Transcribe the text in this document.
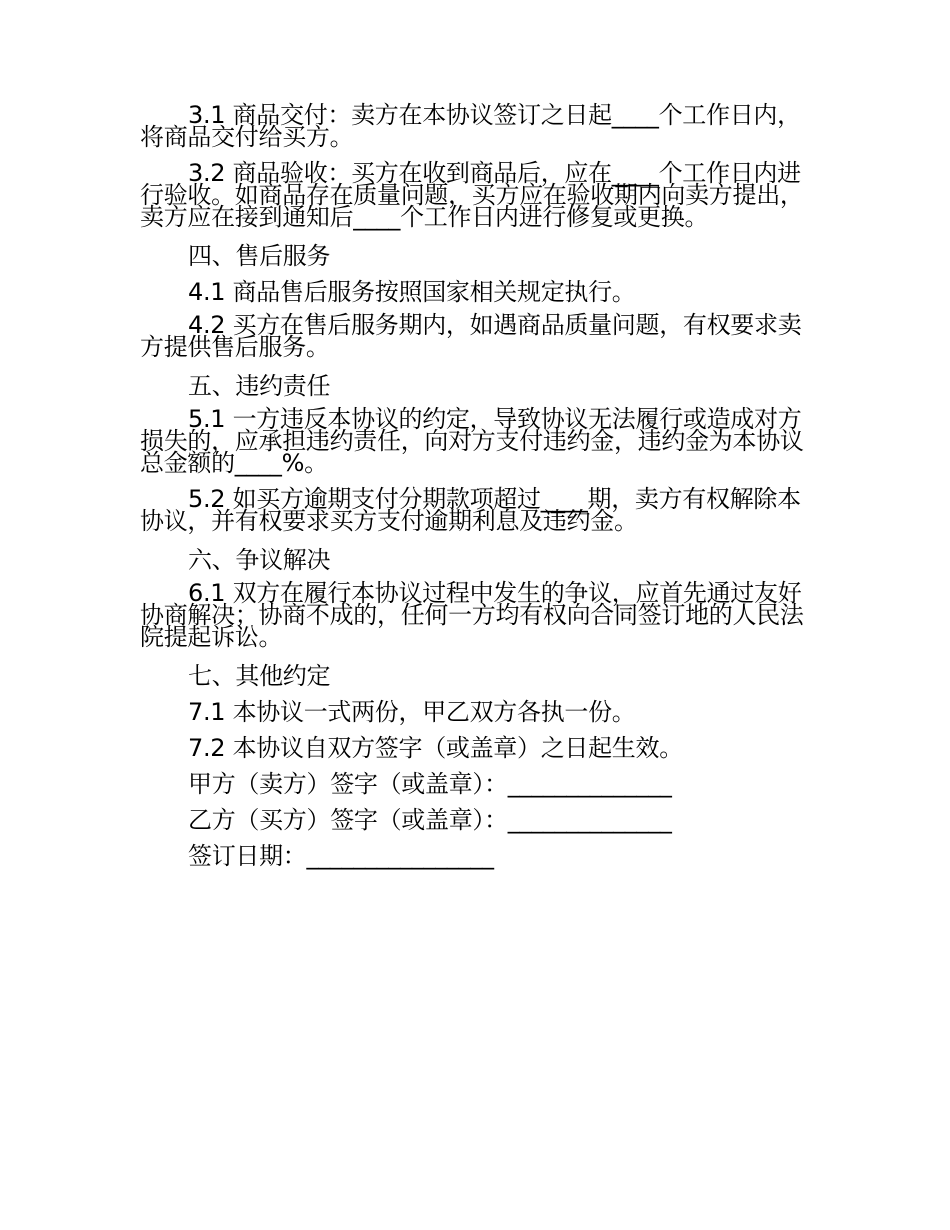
3.1 商品交付：卖方在本协议签订之日起____个工作日内，将商品交付给买方。

3.2 商品验收：买方在收到商品后，应在____个工作日内进行验收。如商品存在质量问题，买方应在验收期内向卖方提出，卖方应在接到通知后____个工作日内进行修复或更换。

四、售后服务

4.1 商品售后服务按照国家相关规定执行。

4.2 买方在售后服务期内，如遇商品质量问题，有权要求卖方提供售后服务。

五、违约责任

5.1 一方违反本协议的约定，导致协议无法履行或造成对方损失的，应承担违约责任，向对方支付违约金，违约金为本协议总金额的____%。

5.2 如买方逾期支付分期款项超过____期，卖方有权解除本协议，并有权要求买方支付逾期利息及违约金。

六、争议解决

6.1 双方在履行本协议过程中发生的争议，应首先通过友好协商解决；协商不成的，任何一方均有权向合同签订地的人民法院提起诉讼。

七、其他约定

7.1 本协议一式两份，甲乙双方各执一份。

7.2 本协议自双方签字（或盖章）之日起生效。

甲方（卖方）签字（或盖章）：______________

乙方（买方）签字（或盖章）：______________

签订日期：________________
